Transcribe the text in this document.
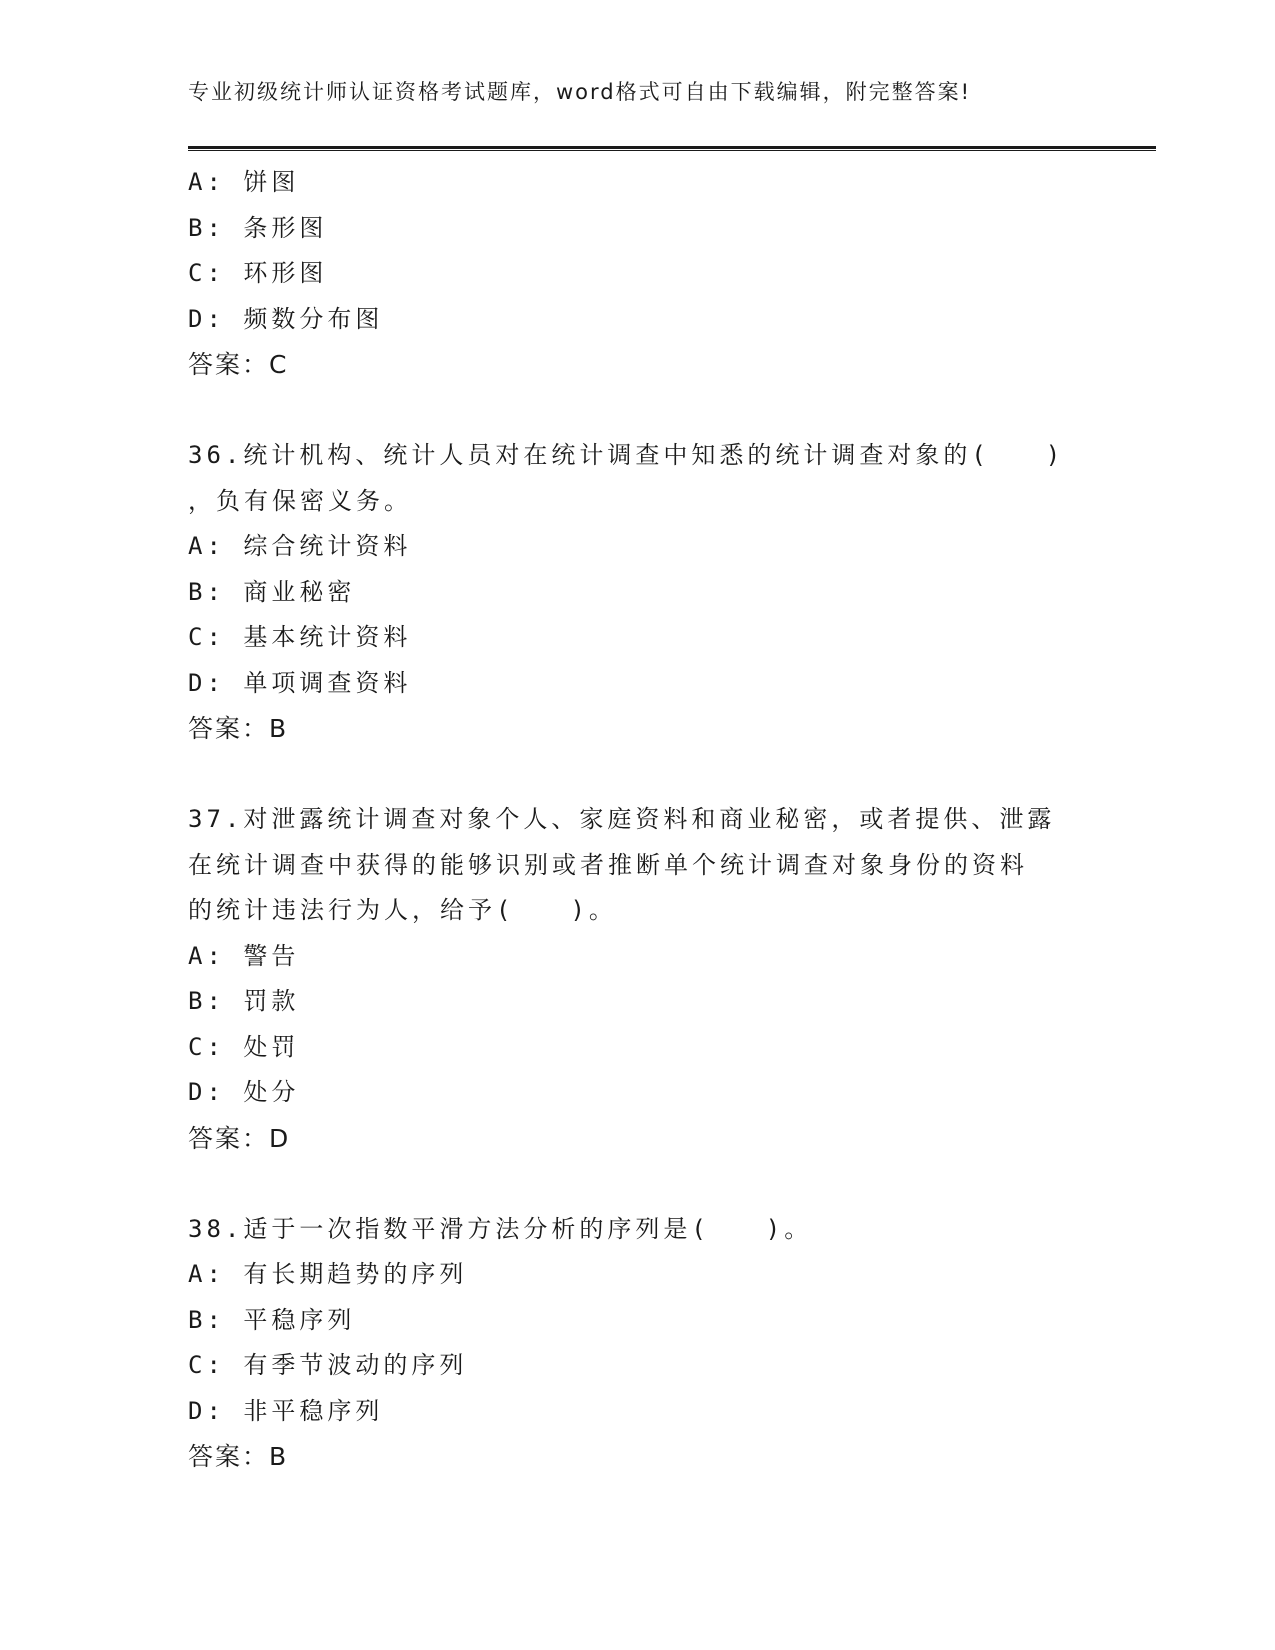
专业初级统计师认证资格考试题库，word格式可自由下载编辑，附完整答案!
A: 饼图
B: 条形图
C: 环形图
D: 频数分布图
答案：C
36.统计机构、统计人员对在统计调查中知悉的统计调查对象的(　　)
，负有保密义务。
A: 综合统计资料
B: 商业秘密
C: 基本统计资料
D: 单项调查资料
答案：B
37.对泄露统计调查对象个人、家庭资料和商业秘密，或者提供、泄露
在统计调查中获得的能够识别或者推断单个统计调查对象身份的资料
的统计违法行为人，给予(　　)。
A: 警告
B: 罚款
C: 处罚
D: 处分
答案：D
38.适于一次指数平滑方法分析的序列是(　　)。
A: 有长期趋势的序列
B: 平稳序列
C: 有季节波动的序列
D: 非平稳序列
答案：B
